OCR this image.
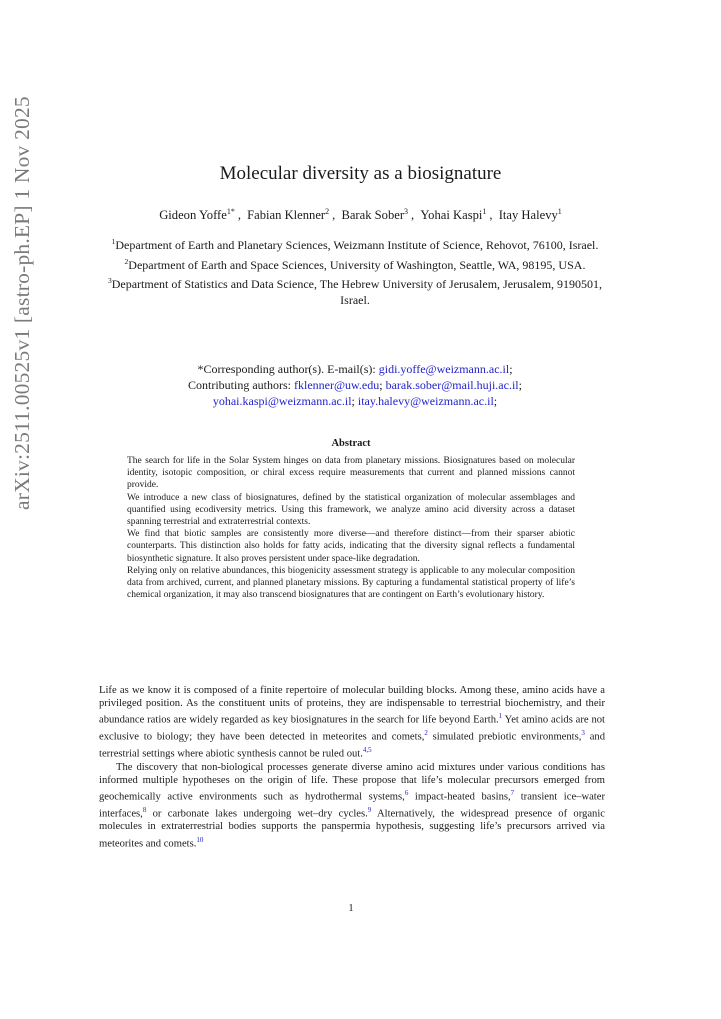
arXiv:2511.00525v1 [astro-ph.EP] 1 Nov 2025	Molecular diversity as a biosignature
Gideon Yoffe$^{1*}$ , Fabian Klenner$^2$ , Barak Sober$^3$ , Yohai Kaspi$^1$ , Itay Halevy$^1$
$^1$Department of Earth and Planetary Sciences, Weizmann Institute of Science, Rehovot, 76100, Israel.
$^2$Department of Earth and Space Sciences, University of Washington, Seattle, WA, 98195, USA.
$^3$Department of Statistics and Data Science, The Hebrew University of Jerusalem, Jerusalem, 9190501, Israel.
*Corresponding author(s). E-mail(s): gidi.yoffe@weizmann.ac.il;
Contributing authors: fklenner@uw.edu; barak.sober@mail.huji.ac.il;
yohai.kaspi@weizmann.ac.il; itay.halevy@weizmann.ac.il;
Abstract

The search for life in the Solar System hinges on data from planetary missions. Biosignatures based on molecular identity, isotopic composition, or chiral excess require measurements that current and planned missions cannot provide.

We introduce a new class of biosignatures, defined by the statistical organization of molecular assemblages and quantified using ecodiversity metrics. Using this framework, we analyze amino acid diversity across a dataset spanning terrestrial and extraterrestrial contexts.

We find that biotic samples are consistently more diverse—and therefore distinct—from their sparser abiotic counterparts. This distinction also holds for fatty acids, indicating that the diversity signal reflects a fundamental biosynthetic signature. It also proves persistent under space-like degradation.

Relying only on relative abundances, this biogenicity assessment strategy is applicable to any molecular composition data from archived, current, and planned planetary missions. By capturing a fundamental statistical property of life’s chemical organization, it may also transcend biosignatures that are contingent on Earth’s evolutionary history.

Life as we know it is composed of a finite repertoire of molecular building blocks. Among these, amino acids have a privileged position. As the constituent units of proteins, they are indispensable to terrestrial biochemistry, and their abundance ratios are widely regarded as key biosignatures in the search for life beyond Earth.$^1$ Yet amino acids are not exclusive to biology; they have been detected in meteorites and comets,$^2$ simulated prebiotic environments,$^3$ and terrestrial settings where abiotic synthesis cannot be ruled out.$^{4,5}$

The discovery that non-biological processes generate diverse amino acid mixtures under various conditions has informed multiple hypotheses on the origin of life. These propose that life’s molecular precursors emerged from geochemically active environments such as hydrothermal systems,$^6$ impact-heated basins,$^7$ transient ice–water interfaces,$^8$ or carbonate lakes undergoing wet–dry cycles.$^9$ Alternatively, the widespread presence of organic molecules in extraterrestrial bodies supports the panspermia hypothesis, suggesting life’s precursors arrived via meteorites and comets.$^{10}$

1
